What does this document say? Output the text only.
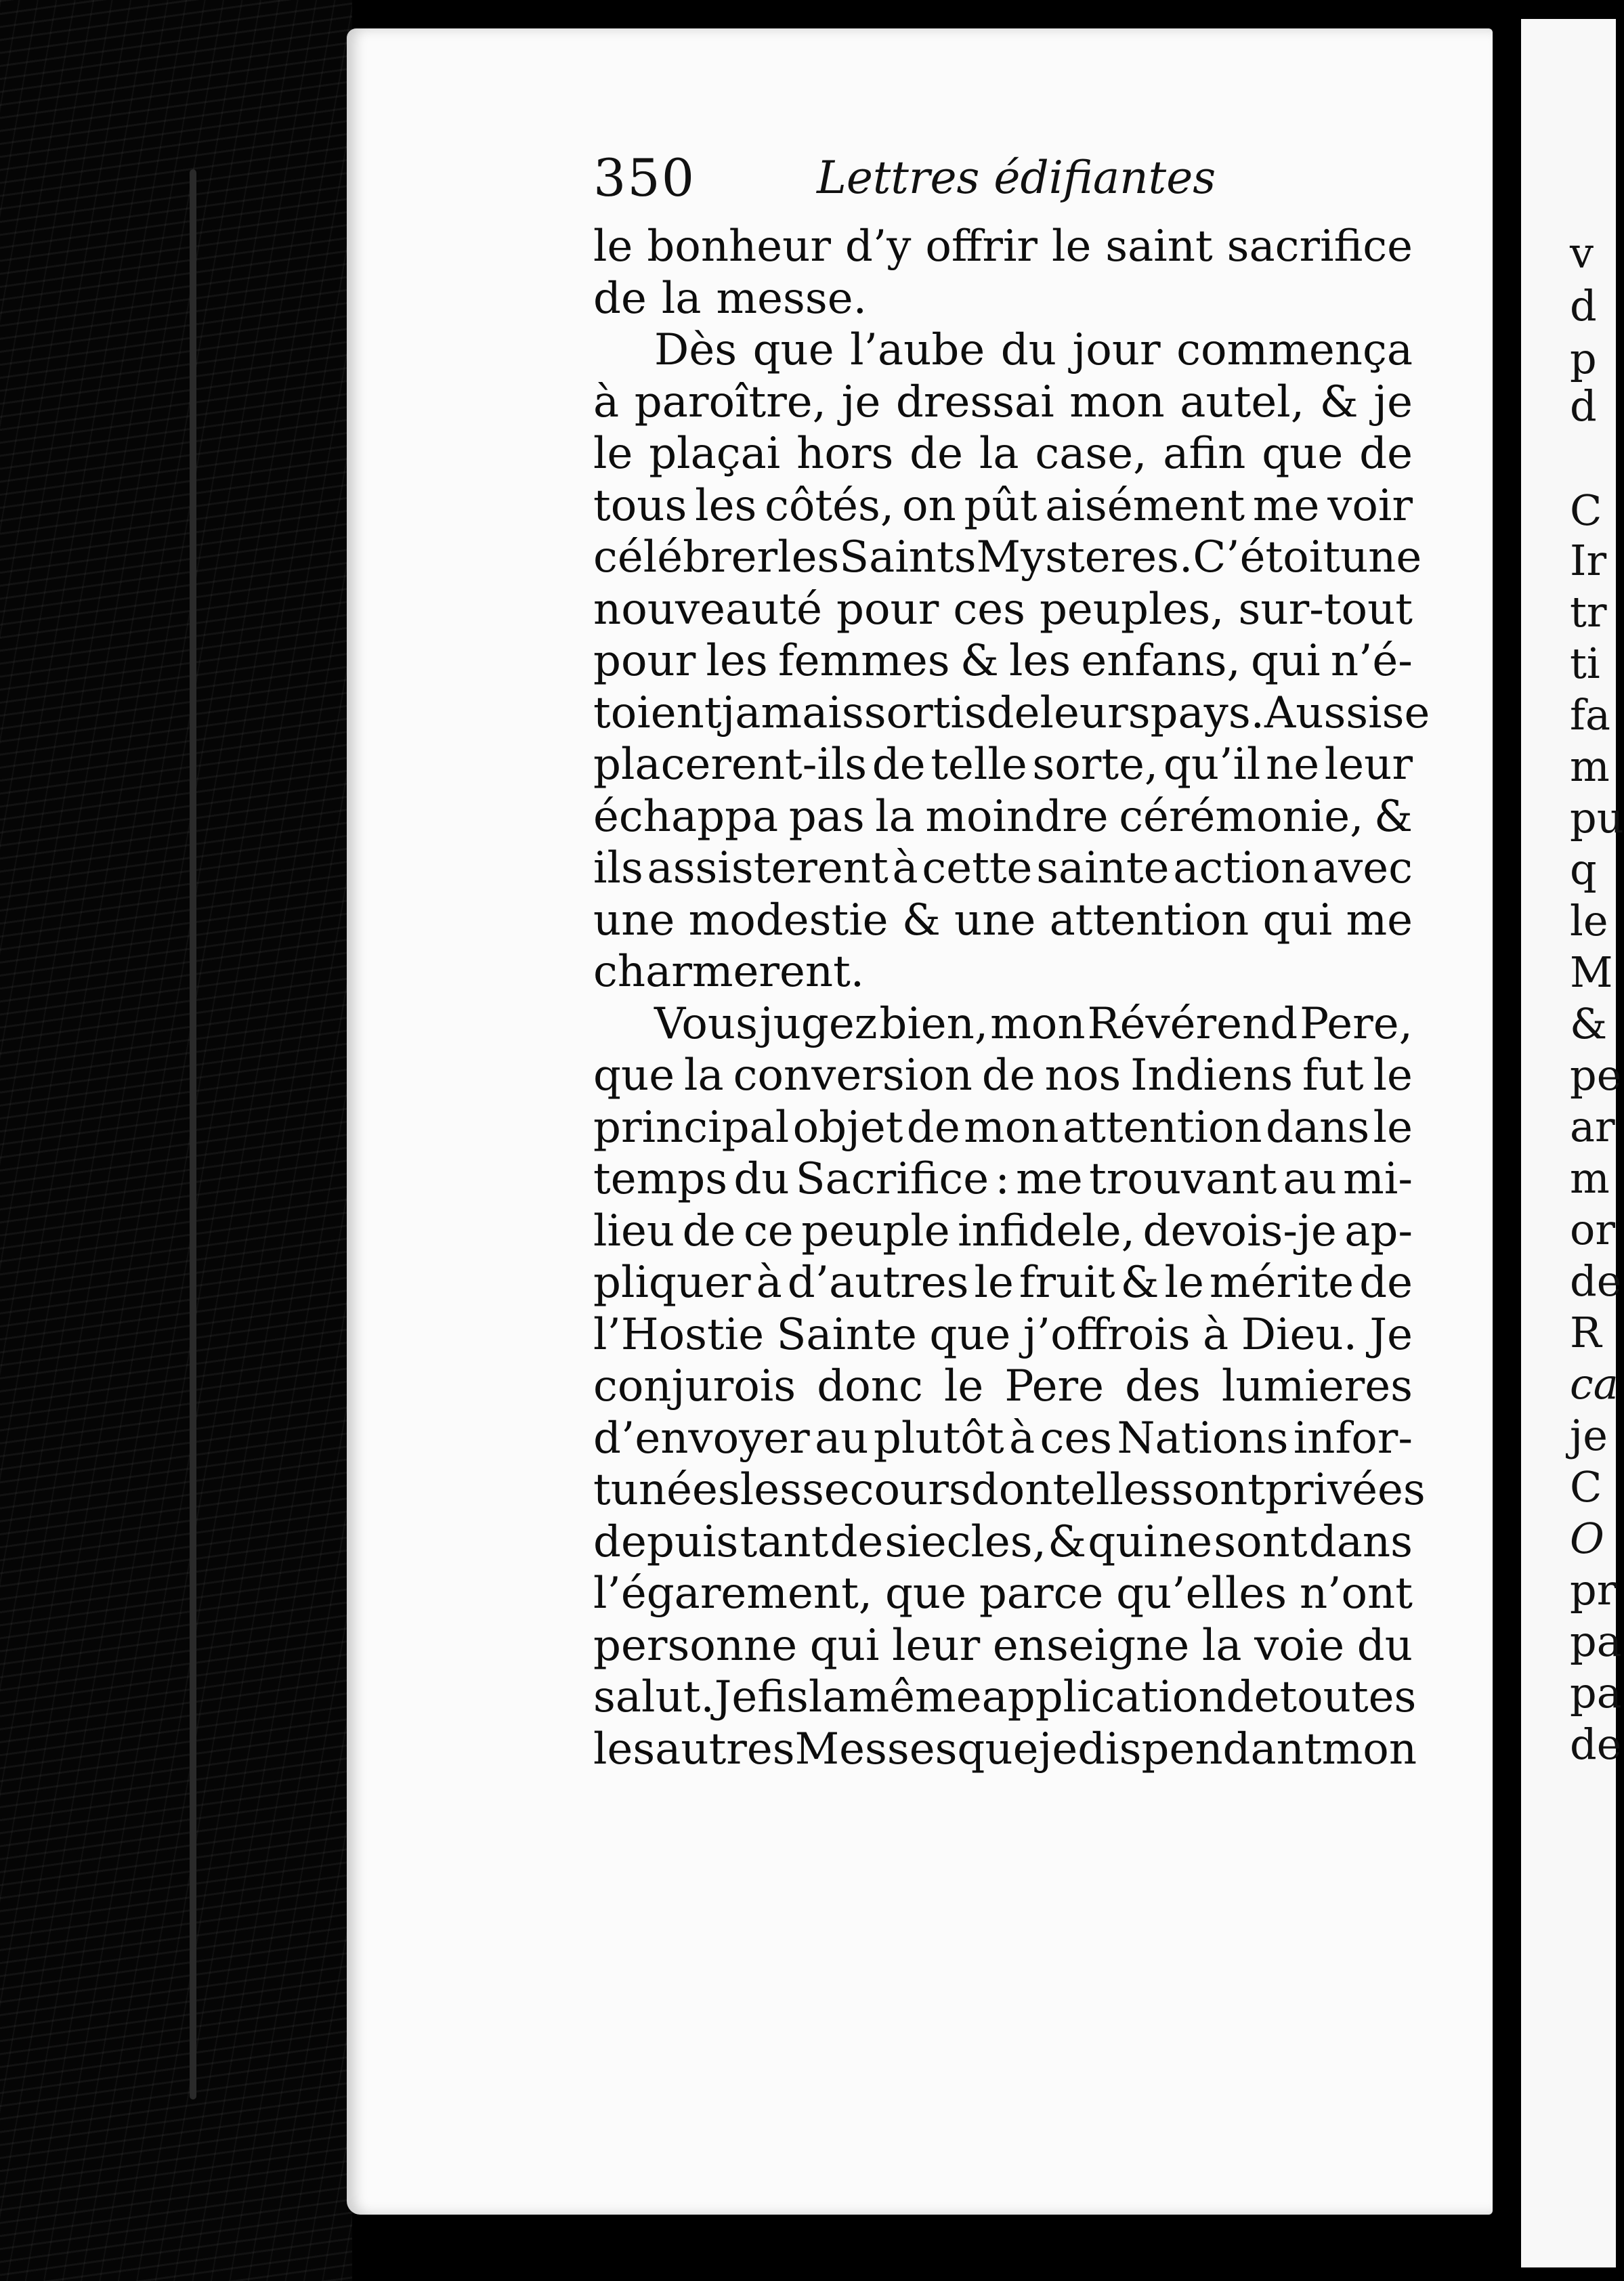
350	Lettres édifiantes
le bonheur d’y offrir le saint sacrifice
de la messe.
Dès que l’aube du jour commença
à paroître, je dressai mon autel, & je
le plaçai hors de la case, afin que de
tous les côtés, on pût aisément me voir
célébrer les Saints Mysteres. C’étoit une
nouveauté pour ces peuples, sur-tout
pour les femmes & les enfans, qui n’é-
toient jamais sortis de leurs pays. Aussi se
placerent-ils de telle sorte, qu’il ne leur
échappa pas la moindre cérémonie, &
ils assisterent à cette sainte action avec
une modestie & une attention qui me
charmerent.
Vous jugez bien, mon Révérend Pere,
que la conversion de nos Indiens fut le
principal objet de mon attention dans le
temps du Sacrifice : me trouvant au mi-
lieu de ce peuple infidele, devois-je ap-
pliquer à d’autres le fruit & le mérite de
l’Hostie Sainte que j’offrois à Dieu. Je
conjurois donc le Pere des lumieres
d’envoyer au plutôt à ces Nations infor-
tunées les secours dont elles sont privées
depuis tant de siecles, & qui ne sont dans
l’égarement, que parce qu’elles n’ont
personne qui leur enseigne la voie du
salut. Je fis la même application de toutes
les autres Messes que je dis pendant mon
v
d
p
d
C
Ir
tr
ti
fa
m
pu
q
le
M
&
pe
ar
m
or
de
R
ca
je
C
O
pr
pa
pa
de
